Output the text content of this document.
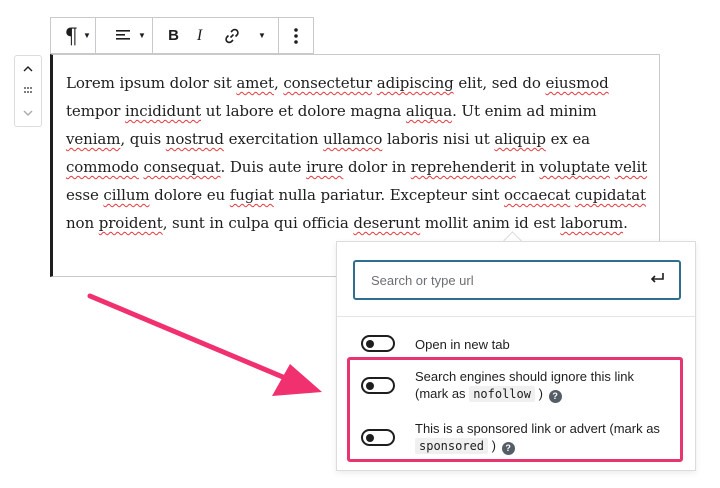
¶ ▼	▼	B	I	▼

Lorem ipsum dolor sit amet, consectetur adipiscing elit, sed do eiusmod tempor incididunt ut labore et dolore magna aliqua. Ut enim ad minim veniam, quis nostrud exercitation ullamco laboris nisi ut aliquip ex ea commodo consequat. Duis aute irure dolor in reprehenderit in voluptate velit esse cillum dolore eu fugiat nulla pariatur. Excepteur sint occaecat cupidatat non proident, sunt in culpa qui officia deserunt mollit anim id est laborum.

Search or type url
Open in new tab
Search engines should ignore this link
(mark as nofollow ) ?
This is a sponsored link or advert (mark as
sponsored ) ?
